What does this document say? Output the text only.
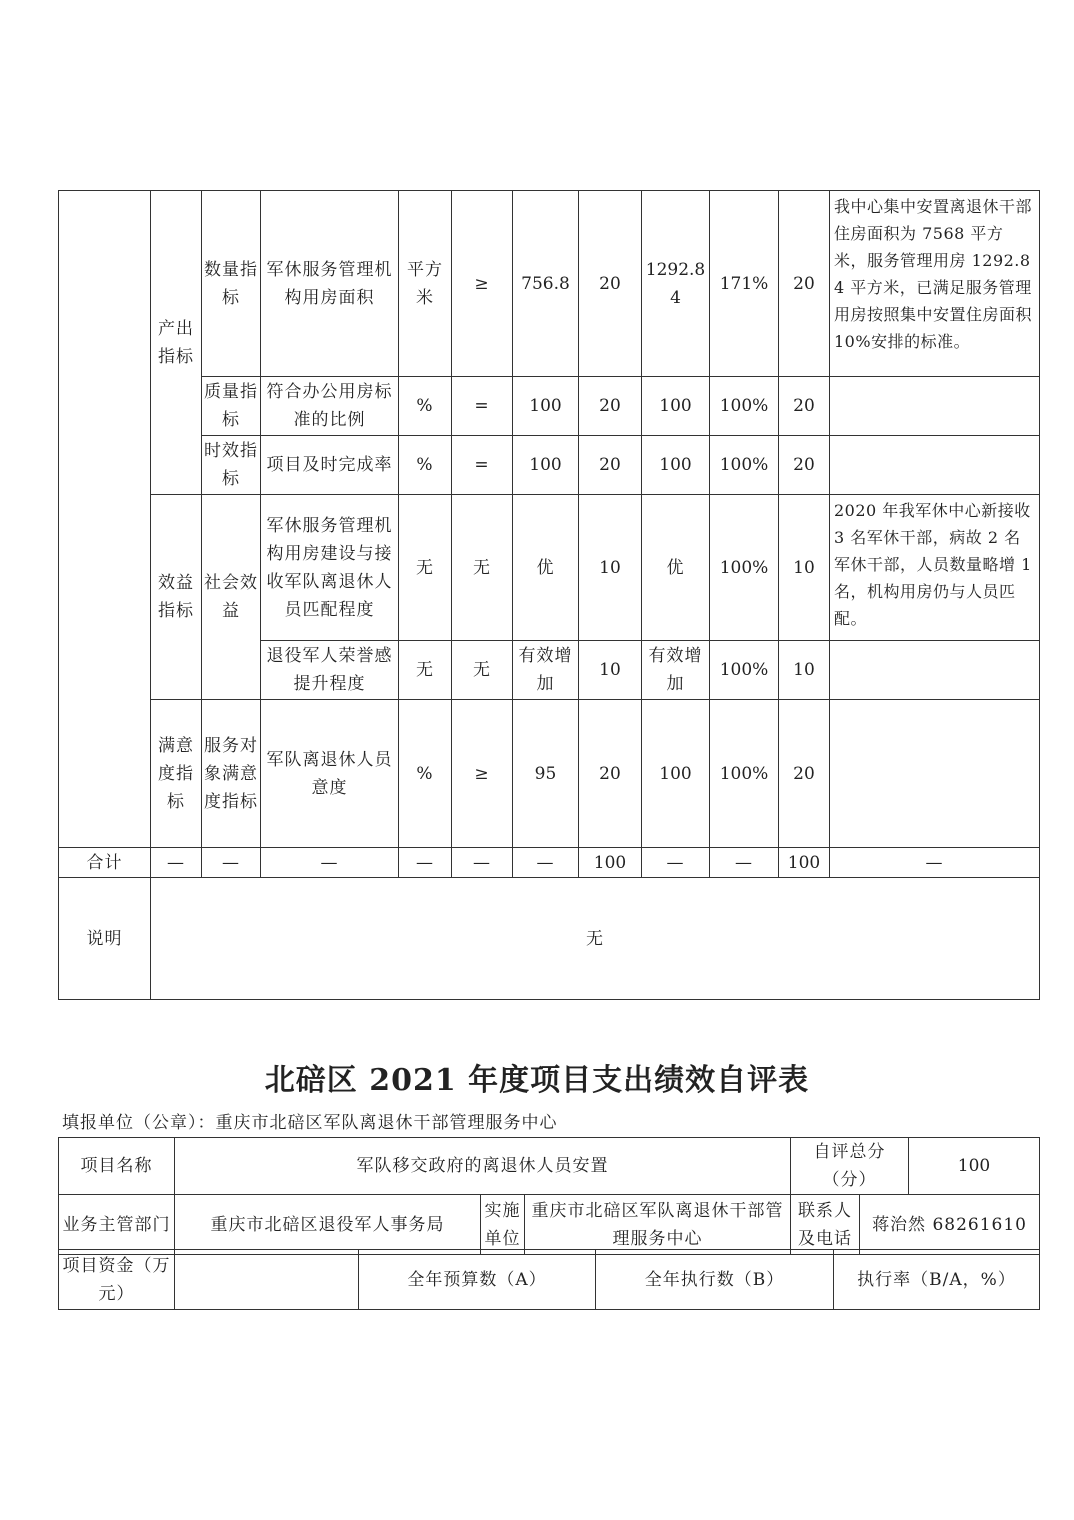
	产出指标	数量指标	军休服务管理机构用房面积	平方米	≥	756.8	20	1292.84	171%	20	我中心集中安置离退休干部住房面积为 7568 平方米，服务管理用房 1292.84 平方米，已满足服务管理用房按照集中安置住房面积 10%安排的标准。

		质量指标	符合办公用房标准的比例	%	=	100	20	100	100%	20	
		时效指标	项目及时完成率	%	=	100	20	100	100%	20	
	效益指标	社会效益	军休服务管理机构用房建设与接收军队离退休人员匹配程度	无	无	优	10	优	100%	10	2020 年我军休中心新接收 3 名军休干部，病故 2 名军休干部，人员数量略增 1 名，机构用房仍与人员匹配。

			退役军人荣誉感提升程度	无	无	有效增加	10	有效增加	100%	10	
	满意度指标	服务对象满意度指标	军队离退休人员意度	%	≥	95	20	100	100%	20	
合计	—	—	—	—	—	—	100	—	—	100	—
说明	无										
北碚区 2021 年度项目支出绩效自评表
填报单位（公章）：重庆市北碚区军队离退休干部管理服务中心
项目名称	军队移交政府的离退休人员安置			自评总分（分）		100
业务主管部门	重庆市北碚区退役军人事务局	实施单位	重庆市北碚区军队离退休干部管理服务中心	联系人及电话	蒋治然 68261610	
项目资金（万元）		全年预算数（A）	全年执行数（B）	执行率（B/A，%）
